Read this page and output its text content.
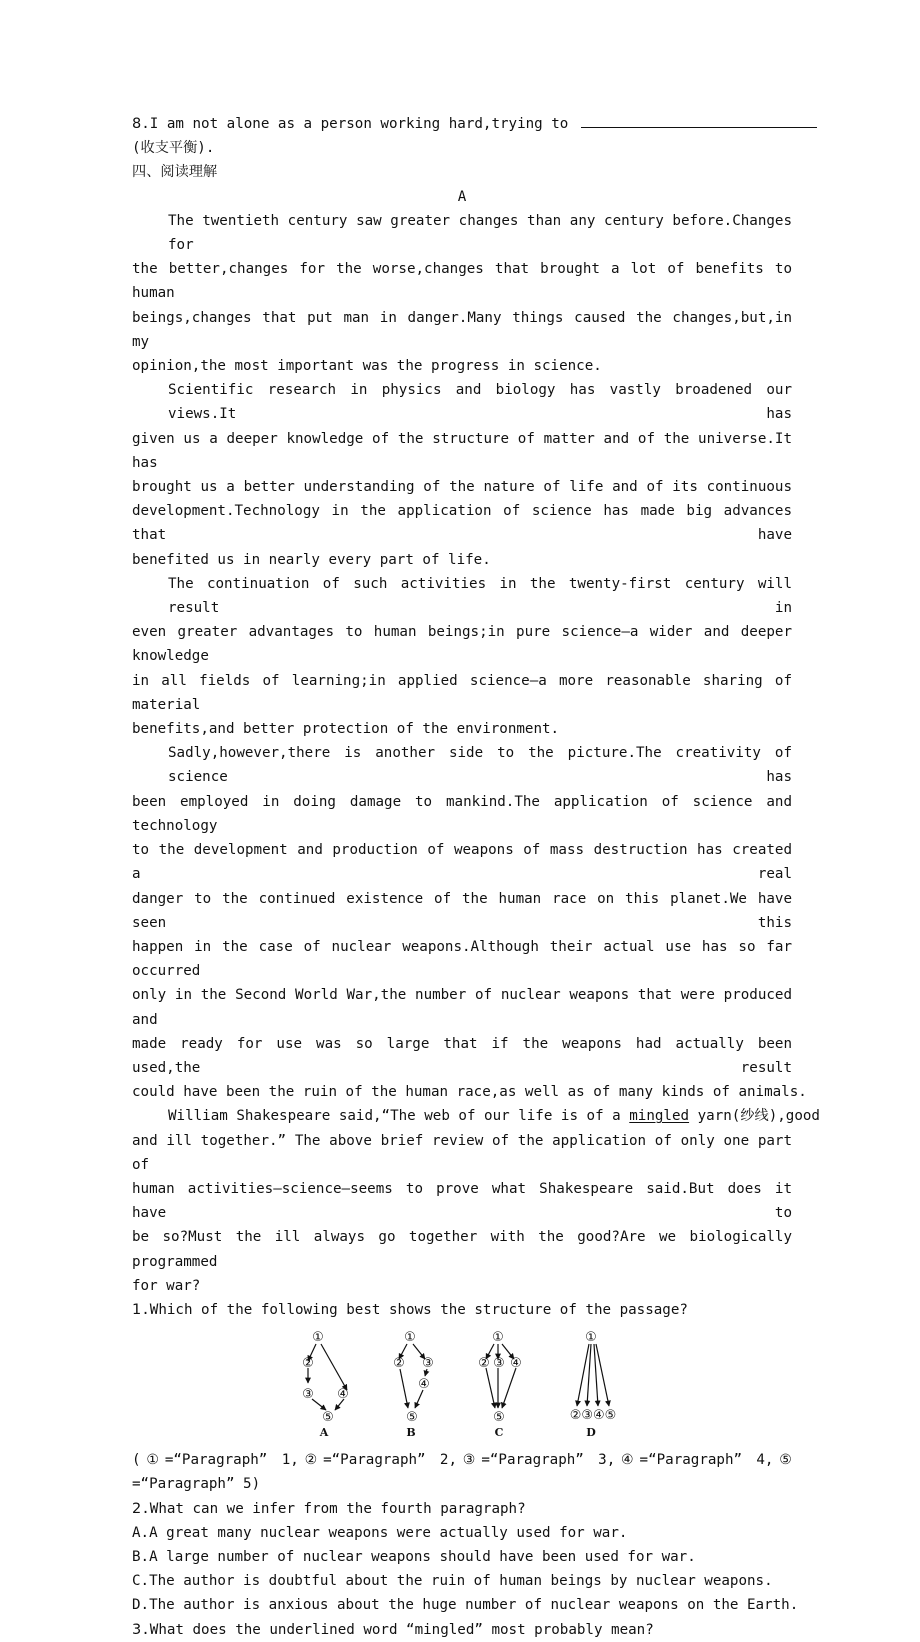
8.I am not alone as a person working hard,trying to
(收支平衡).
四、阅读理解
A
The twentieth century saw greater changes than any century before.Changes for
the better,changes for the worse,changes that brought a lot of benefits to human
beings,changes that put man in danger.Many things caused the changes,but,in my
opinion,the most important was the progress in science.
Scientific research in physics and biology has vastly broadened our views.It has
given us a deeper knowledge of the structure of matter and of the universe.It has
brought us a better understanding of the nature of life and of its continuous
development.Technology in the application of science has made big advances that have
benefited us in nearly every part of life.
The continuation of such activities in the twenty-first century will result in
even greater advantages to human beings;in pure science—a wider and deeper knowledge
in all fields of learning;in applied science—a more reasonable sharing of material
benefits,and better protection of the environment.
Sadly,however,there is another side to the picture.The creativity of science has
been employed in doing damage to mankind.The application of science and technology
to the development and production of weapons of mass destruction has created a real
danger to the continued existence of the human race on this planet.We have seen this
happen in the case of nuclear weapons.Although their actual use has so far occurred
only in the Second World War,the number of nuclear weapons that were produced and
made ready for use was so large that if the weapons had actually been used,the result
could have been the ruin of the human race,as well as of many kinds of animals.
William Shakespeare said,“The web of our life is of a mingled yarn(纱线),good
and ill together.” The above brief review of the application of only one part of
human activities—science—seems to prove what Shakespeare said.But does it have to
be so?Must the ill always go together with the good?Are we biologically programmed
for war?
1.Which of the following best shows the structure of the passage?
①
②
③ ④
⑤
①
② ③
④
⑤
①
② ③ ④
⑤
①
②③④⑤
A	B	C	D
(①=“Paragraph” 1,②=“Paragraph” 2,③=“Paragraph” 3,④=“Paragraph” 4,⑤
=“Paragraph” 5)
2.What can we infer from the fourth paragraph?
A.A great many nuclear weapons were actually used for war.
B.A large number of nuclear weapons should have been used for war.
C.The author is doubtful about the ruin of human beings by nuclear weapons.
D.The author is anxious about the huge number of nuclear weapons on the Earth.
3.What does the underlined word “mingled” most probably mean?
